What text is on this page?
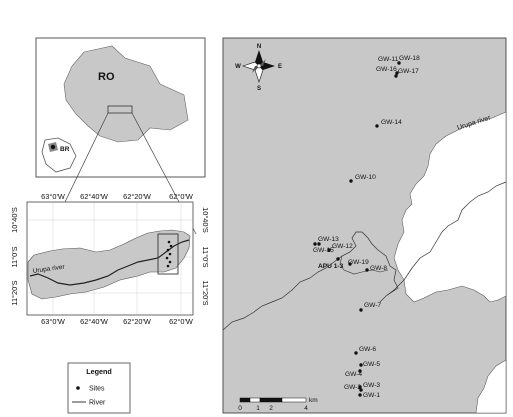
RO
BR
Urupa river
63°0'W 62°40'W 62°20'W 62°0'W
63°0'W 62°40'W 62°20'W 62°0'W
10°40'S
11°0'S
11°20'S
10°40'S
11°0'S
11°20'S
Legend
Sites
River
Urupa river
N
S
W	E
GW-11 GW-18
GW-16 GW-17
GW-14
GW-10
GW-13
GW-12
GW-15
APU 1-3
GW-19
GW-8
GW-7
GW-6
GW-5
GW-4
GW-2 GW-3
GW-1
0 1 2	4
km
